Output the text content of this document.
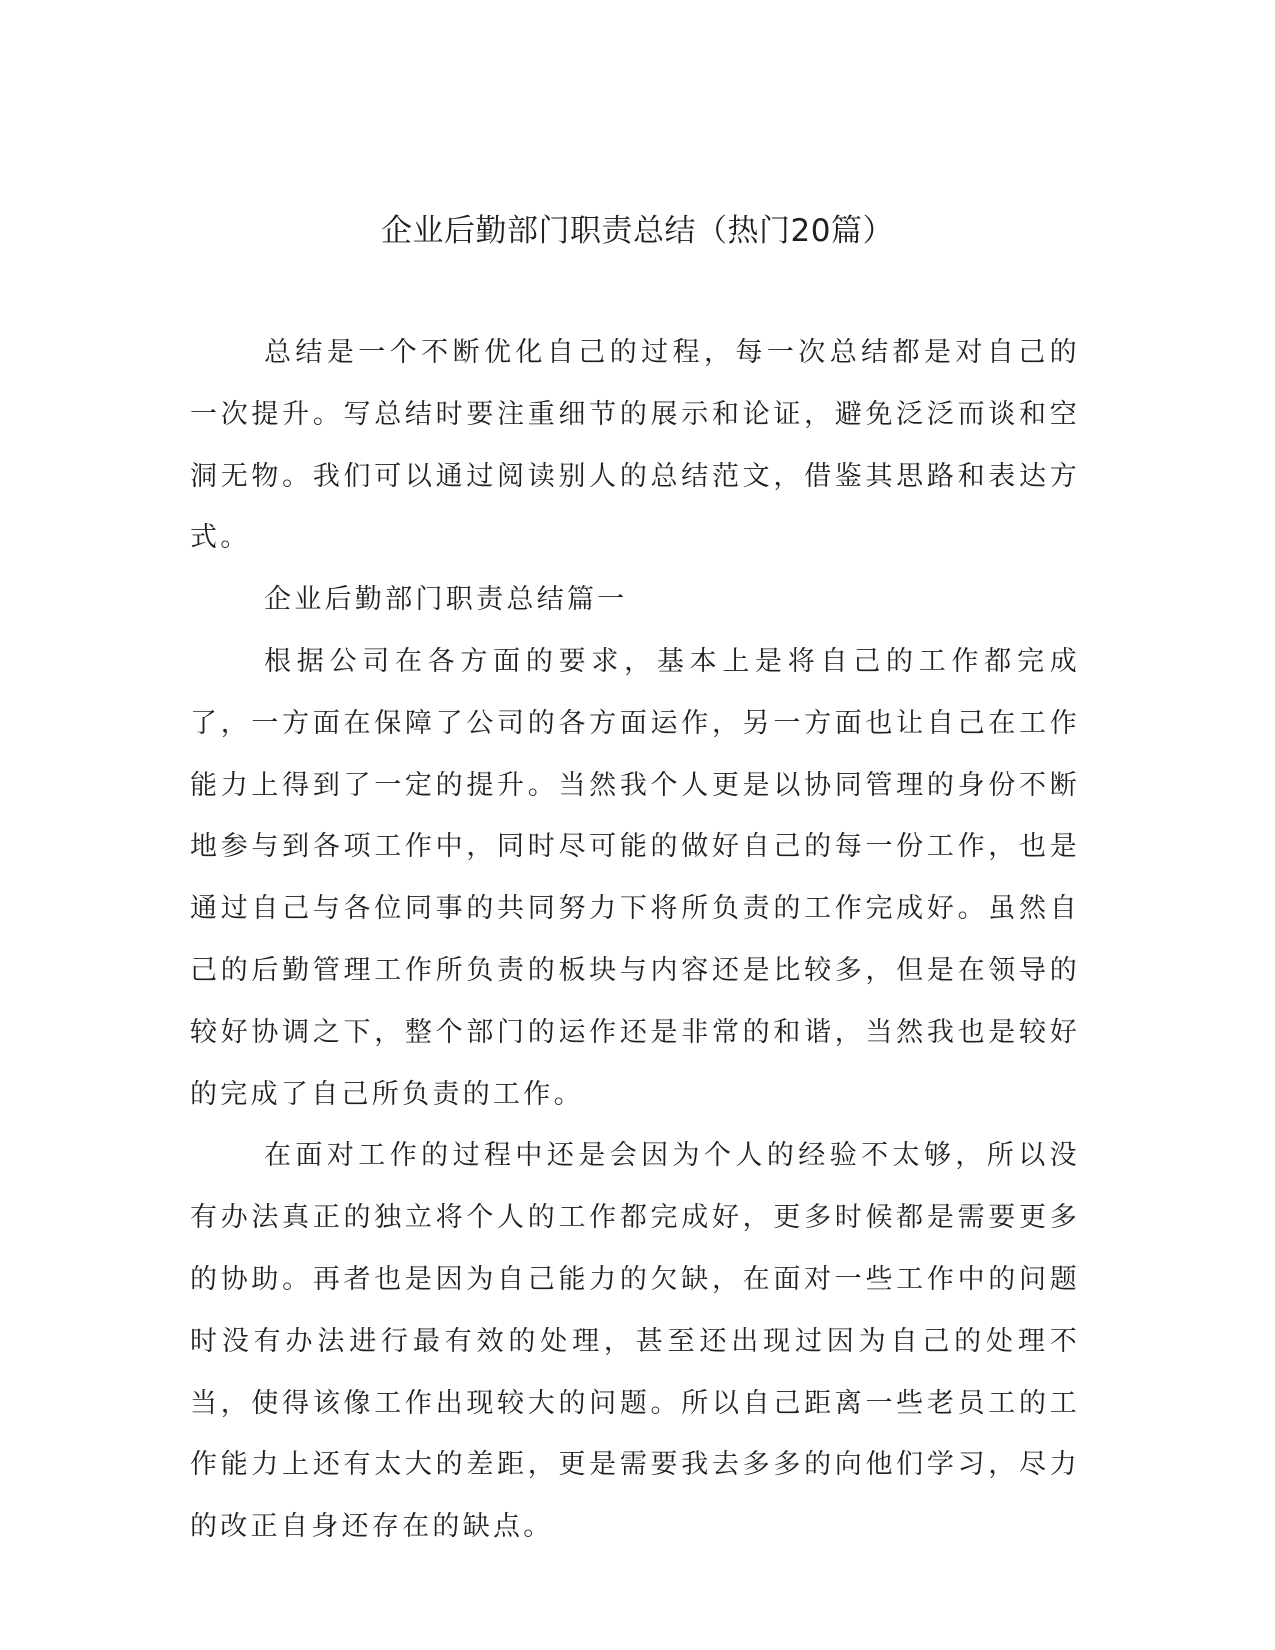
企业后勤部门职责总结（热门20篇）

总结是一个不断优化自己的过程，每一次总结都是对自己的一次提升。写总结时要注重细节的展示和论证，避免泛泛而谈和空洞无物。我们可以通过阅读别人的总结范文，借鉴其思路和表达方式。

企业后勤部门职责总结篇一

根据公司在各方面的要求，基本上是将自己的工作都完成了，一方面在保障了公司的各方面运作，另一方面也让自己在工作能力上得到了一定的提升。当然我个人更是以协同管理的身份不断地参与到各项工作中，同时尽可能的做好自己的每一份工作，也是通过自己与各位同事的共同努力下将所负责的工作完成好。虽然自己的后勤管理工作所负责的板块与内容还是比较多，但是在领导的较好协调之下，整个部门的运作还是非常的和谐，当然我也是较好的完成了自己所负责的工作。

在面对工作的过程中还是会因为个人的经验不太够，所以没有办法真正的独立将个人的工作都完成好，更多时候都是需要更多的协助。再者也是因为自己能力的欠缺，在面对一些工作中的问题时没有办法进行最有效的处理，甚至还出现过因为自己的处理不当，使得该像工作出现较大的问题。所以自己距离一些老员工的工作能力上还有太大的差距，更是需要我去多多的向他们学习，尽力的改正自身还存在的缺点。
